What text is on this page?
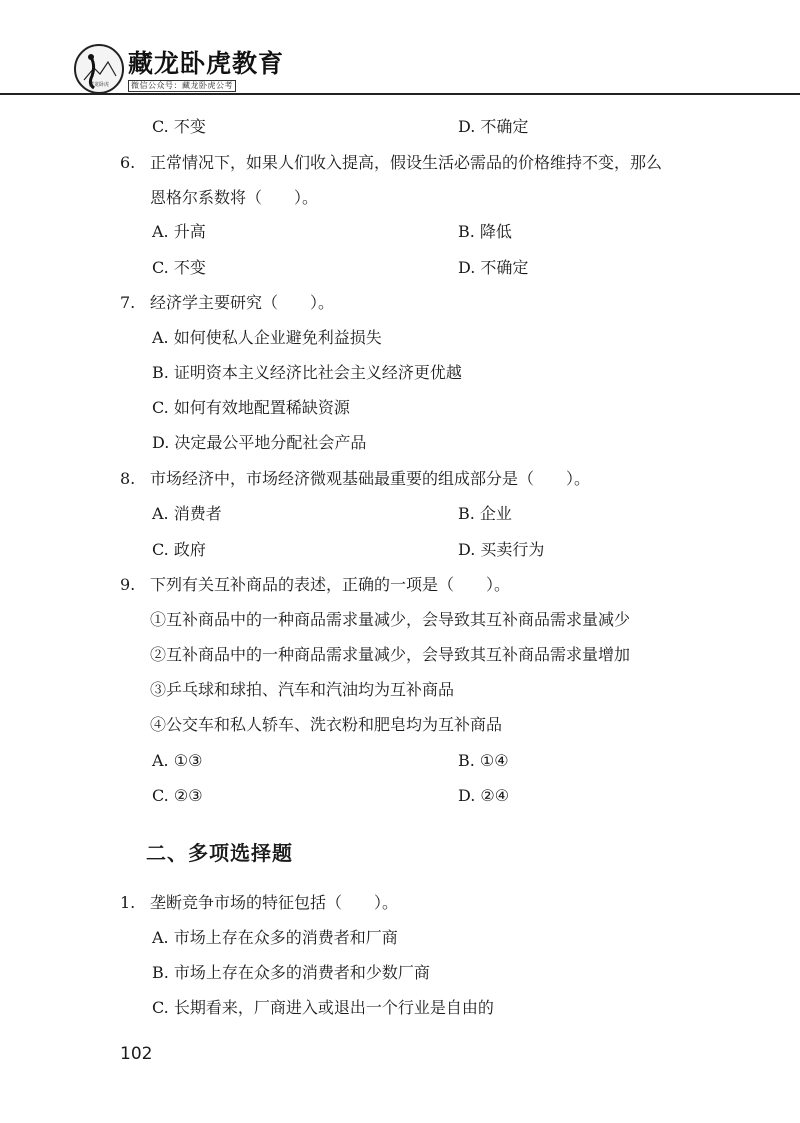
藏龙卧虎
藏龙卧虎教育
微信公众号：藏龙卧虎公考
C. 不变	D. 不确定
6. 正常情况下，如果人们收入提高，假设生活必需品的价格维持不变，那么
恩格尔系数将（　　）。
A. 升高	B. 降低
C. 不变	D. 不确定
7. 经济学主要研究（　　）。
A. 如何使私人企业避免利益损失
B. 证明资本主义经济比社会主义经济更优越
C. 如何有效地配置稀缺资源
D. 决定最公平地分配社会产品
8. 市场经济中，市场经济微观基础最重要的组成部分是（　　）。
A. 消费者	B. 企业
C. 政府	D. 买卖行为
9. 下列有关互补商品的表述，正确的一项是（　　）。
①互补商品中的一种商品需求量减少，会导致其互补商品需求量减少
②互补商品中的一种商品需求量减少，会导致其互补商品需求量增加
③乒乓球和球拍、汽车和汽油均为互补商品
④公交车和私人轿车、洗衣粉和肥皂均为互补商品
A. ①③	B. ①④
C. ②③	D. ②④
二、多项选择题
1. 垄断竞争市场的特征包括（　　）。
A. 市场上存在众多的消费者和厂商
B. 市场上存在众多的消费者和少数厂商
C. 长期看来，厂商进入或退出一个行业是自由的
102
